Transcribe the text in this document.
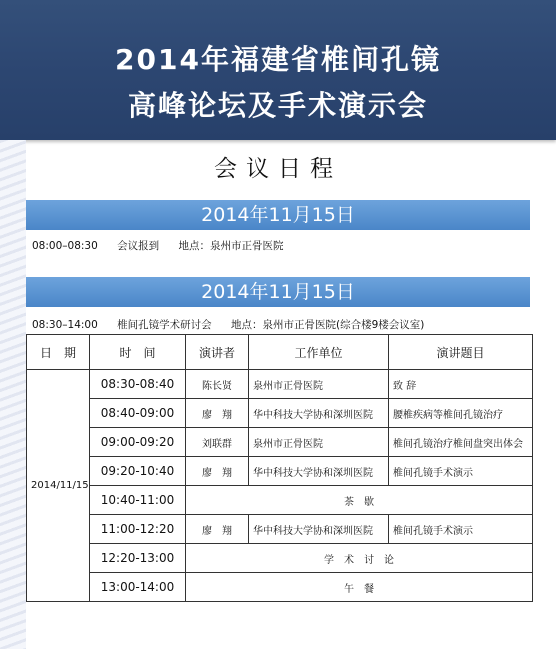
2014年福建省椎间孔镜
高峰论坛及手术演示会
会议日程
2014年11月15日
08:00–08:30 会议报到 地点：泉州市正骨医院
2014年11月15日
08:30–14:00 椎间孔镜学术研讨会 地点：泉州市正骨医院(综合楼9楼会议室)
日　期	时　间	演讲者	工作单位	演讲题目
2014/11/15	08:30-08:40	陈长贤	泉州市正骨医院	致 辞
	08:40-09:00	廖　翔	华中科技大学协和深圳医院	腰椎疾病等椎间孔镜治疗
	09:00-09:20	刘联群	泉州市正骨医院	椎间孔镜治疗椎间盘突出体会
	09:20-10:40	廖　翔	华中科技大学协和深圳医院	椎间孔镜手术演示
	10:40-11:00	茶　歇		
	11:00-12:20	廖　翔	华中科技大学协和深圳医院	椎间孔镜手术演示
	12:20-13:00	学　术　讨　论		
	13:00-14:00	午　餐		
